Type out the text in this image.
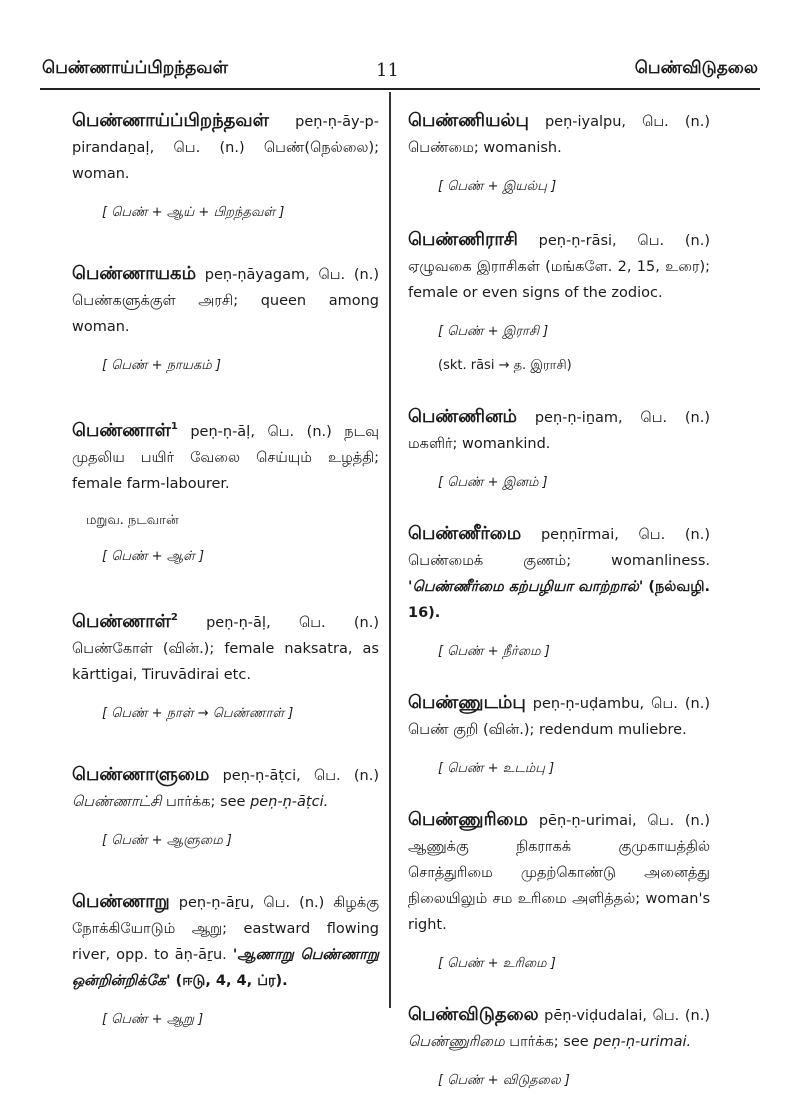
பெண்ணாய்ப்பிறந்தவள்	11	பெண்விடுதலை

பெண்ணாய்ப்பிறந்தவள் peṇ-ṇ-āy-p-pirandaṉaḷ, பெ. (n.) பெண்(நெல்லை); woman.

[ பெண் + ஆய் + பிறந்தவள் ]

பெண்ணாயகம் peṇ-ṇāyagam, பெ. (n.) பெண்களுக்குள் அரசி; queen among woman.

[ பெண் + நாயகம் ]

பெண்ணாள்$^1$ peṇ-ṇ-āḷ, பெ. (n.) நடவு முதலிய பயிர் வேலை செய்யும் உழத்தி; female farm-labourer.

மறுவ. நடவான்
[ பெண் + ஆள் ]

பெண்ணாள்$^2$ peṇ-ṇ-āḷ, பெ. (n.) பெண்கோள் (வின்.); female naksatra, as kārttigai, Tiruvādirai etc.

[ பெண் + நாள் → பெண்ணாள் ]

பெண்ணாளுமை peṇ-ṇ-āṭci, பெ. (n.) பெண்ணாட்சி பார்க்க; see peṇ-ṇ-āṭci.

[ பெண் + ஆளுமை ]

பெண்ணாறு peṇ-ṇ-āṟu, பெ. (n.) கிழக்கு நோக்கியோடும் ஆறு; eastward flowing river, opp. to āṇ-āṟu. 'ஆணாறு பெண்ணாறு ஒன்றின்றிக்கே' (ஈடு, 4, 4, ப்ர).

[ பெண் + ஆறு ]

பெண்ணியல்பு peṇ-iyalpu, பெ. (n.) பெண்மை; womanish.

[ பெண் + இயல்பு ]

பெண்ணிராசி peṇ-ṇ-rāsi, பெ. (n.) ஏழுவகை இராசிகள் (மங்களே. 2, 15, உரை); female or even signs of the zodioc.

[ பெண் + இராசி ]
(skt. rāsi → த. இராசி)

பெண்ணினம் peṇ-ṇ-iṉam, பெ. (n.) மகளிர்; womankind.

[ பெண் + இனம் ]

பெண்ணீர்மை peṇṇīrmai, பெ. (n.) பெண்மைக் குணம்; womanliness. 'பெண்ணீர்மை கற்பழியா வாற்றால்' (நல்வழி. 16).

[ பெண் + நீர்மை ]

பெண்ணுடம்பு peṇ-ṇ-uḍambu, பெ. (n.) பெண் குறி (வின்.); redendum muliebre.

[ பெண் + உடம்பு ]

பெண்ணுரிமை pēṇ-ṇ-urimai, பெ. (n.) ஆணுக்கு நிகராகக் குமுகாயத்தில் சொத்துரிமை முதற்கொண்டு அனைத்து நிலையிலும் சம உரிமை அளித்தல்; woman's right.

[ பெண் + உரிமை ]

பெண்விடுதலை pēṇ-viḍudalai, பெ. (n.) பெண்ணுரிமை பார்க்க; see peṇ-ṇ-urimai.

[ பெண் + விடுதலை ]
